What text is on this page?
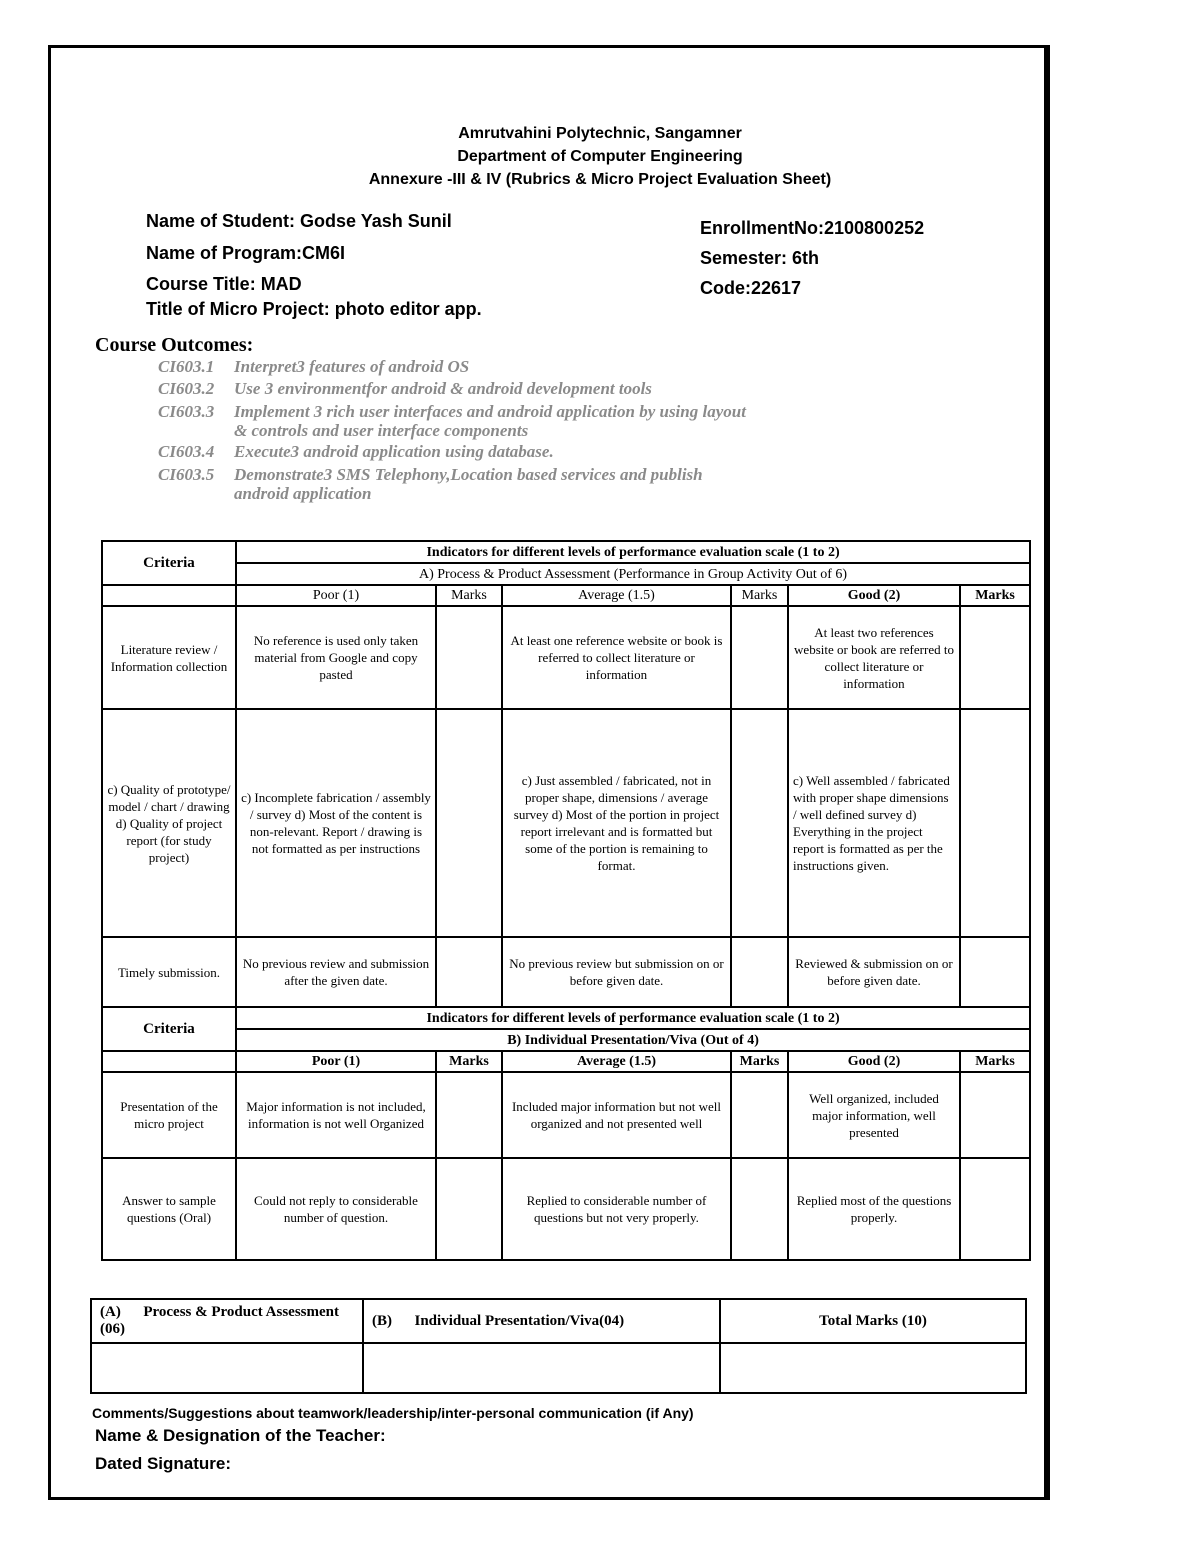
Amrutvahini Polytechnic, Sangamner
Department of Computer Engineering
Annexure -III & IV (Rubrics & Micro Project Evaluation Sheet)
Name of Student: Godse Yash Sunil
Name of Program:CM6I
Course Title: MAD
Title of Micro Project: photo editor app.
EnrollmentNo:2100800252
Semester: 6th
Code:22617
Course Outcomes:
CI603.1	Interpret3 features of android OS
CI603.2	Use 3 environmentfor android & android development tools
CI603.3	Implement 3 rich user interfaces and android application by using layout & controls and user interface components
CI603.4	Execute3 android application using database.
CI603.5	Demonstrate3 SMS Telephony,Location based services and publish android application
Criteria	Indicators for different levels of performance evaluation scale (1 to 2)					
	A) Process & Product Assessment (Performance in Group Activity Out of 6)					
	Poor (1)	Marks	Average (1.5)	Marks	Good (2)	Marks
Literature review / Information collection	No reference is used only taken material from Google and copy pasted		At least one reference website or book is referred to collect literature or information		At least two references website or book are referred to collect literature or information	
c) Quality of prototype/ model / chart / drawing d) Quality of project report (for study project)	c) Incomplete fabrication / assembly / survey d) Most of the content is non-relevant. Report / drawing is not formatted as per instructions		c) Just assembled / fabricated, not in proper shape, dimensions / average survey d) Most of the portion in project report irrelevant and is formatted but some of the portion is remaining to format.		c) Well assembled / fabricated with proper shape dimensions / well defined survey d) Everything in the project report is formatted as per the instructions given.	
Timely submission.	No previous review and submission after the given date.		No previous review but submission on or before given date.		Reviewed & submission on or before given date.	
Criteria	Indicators for different levels of performance evaluation scale (1 to 2)					
	B) Individual Presentation/Viva (Out of 4)					
	Poor (1)	Marks	Average (1.5)	Marks	Good (2)	Marks
Presentation of the micro project	Major information is not included, information is not well Organized		Included major information but not well organized and not presented well		Well organized, included major information, well presented	
Answer to sample questions (Oral)	Could not reply to considerable number of question.		Replied to considerable number of questions but not very properly.		Replied most of the questions properly.	
(A) Process & Product Assessment (06)	(B) Individual Presentation/Viva(04)	Total Marks (10)

Comments/Suggestions about teamwork/leadership/inter-personal communication (if Any)
Name & Designation of the Teacher:
Dated Signature:
